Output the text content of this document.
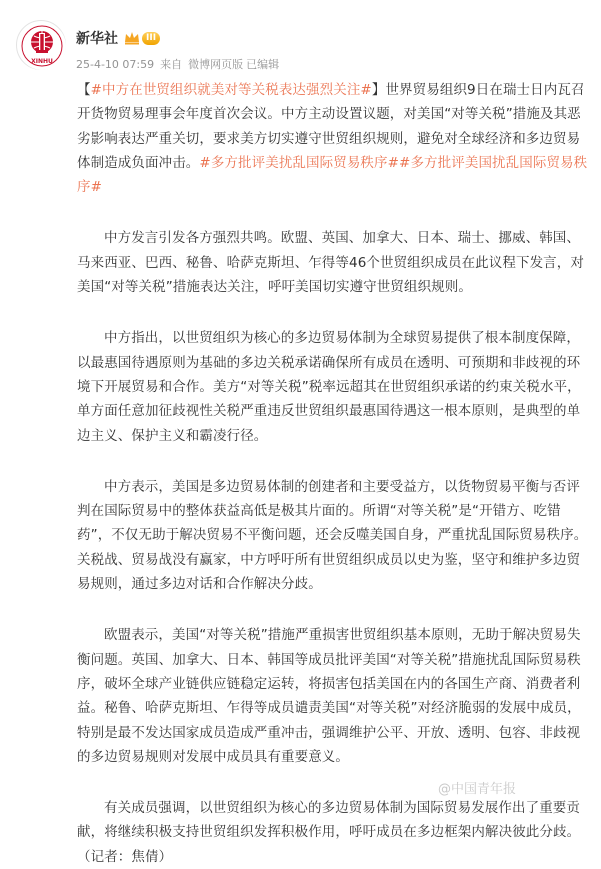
XINHU
新华社	III
25-4-10 07:59 来自 微博网页版 已编辑

【#中方在世贸组织就美对等关税表达强烈关注#】世界贸易组织9日在瑞士日内瓦召开货物贸易理事会年度首次会议。中方主动设置议题，对美国“对等关税”措施及其恶劣影响表达严重关切，要求美方切实遵守世贸组织规则，避免对全球经济和多边贸易体制造成负面冲击。#多方批评美扰乱国际贸易秩序##多方批评美国扰乱国际贸易秩序#

中方发言引发各方强烈共鸣。欧盟、英国、加拿大、日本、瑞士、挪威、韩国、马来西亚、巴西、秘鲁、哈萨克斯坦、乍得等46个世贸组织成员在此议程下发言，对美国“对等关税”措施表达关注，呼吁美国切实遵守世贸组织规则。

中方指出，以世贸组织为核心的多边贸易体制为全球贸易提供了根本制度保障，以最惠国待遇原则为基础的多边关税承诺确保所有成员在透明、可预期和非歧视的环境下开展贸易和合作。美方“对等关税”税率远超其在世贸组织承诺的约束关税水平，单方面任意加征歧视性关税严重违反世贸组织最惠国待遇这一根本原则，是典型的单边主义、保护主义和霸凌行径。

中方表示，美国是多边贸易体制的创建者和主要受益方，以货物贸易平衡与否评判在国际贸易中的整体获益高低是极其片面的。所谓“对等关税”是“开错方、吃错药”，不仅无助于解决贸易不平衡问题，还会反噬美国自身，严重扰乱国际贸易秩序。关税战、贸易战没有赢家，中方呼吁所有世贸组织成员以史为鉴，坚守和维护多边贸易规则，通过多边对话和合作解决分歧。

欧盟表示，美国“对等关税”措施严重损害世贸组织基本原则，无助于解决贸易失衡问题。英国、加拿大、日本、韩国等成员批评美国“对等关税”措施扰乱国际贸易秩序，破坏全球产业链供应链稳定运转，将损害包括美国在内的各国生产商、消费者利益。秘鲁、哈萨克斯坦、乍得等成员谴责美国“对等关税”对经济脆弱的发展中成员，特别是最不发达国家成员造成严重冲击，强调维护公平、开放、透明、包容、非歧视的多边贸易规则对发展中成员具有重要意义。

有关成员强调，以世贸组织为核心的多边贸易体制为国际贸易发展作出了重要贡献，将继续积极支持世贸组织发挥积极作用，呼吁成员在多边框架内解决彼此分歧。（记者：焦倩）

@中国青年报
